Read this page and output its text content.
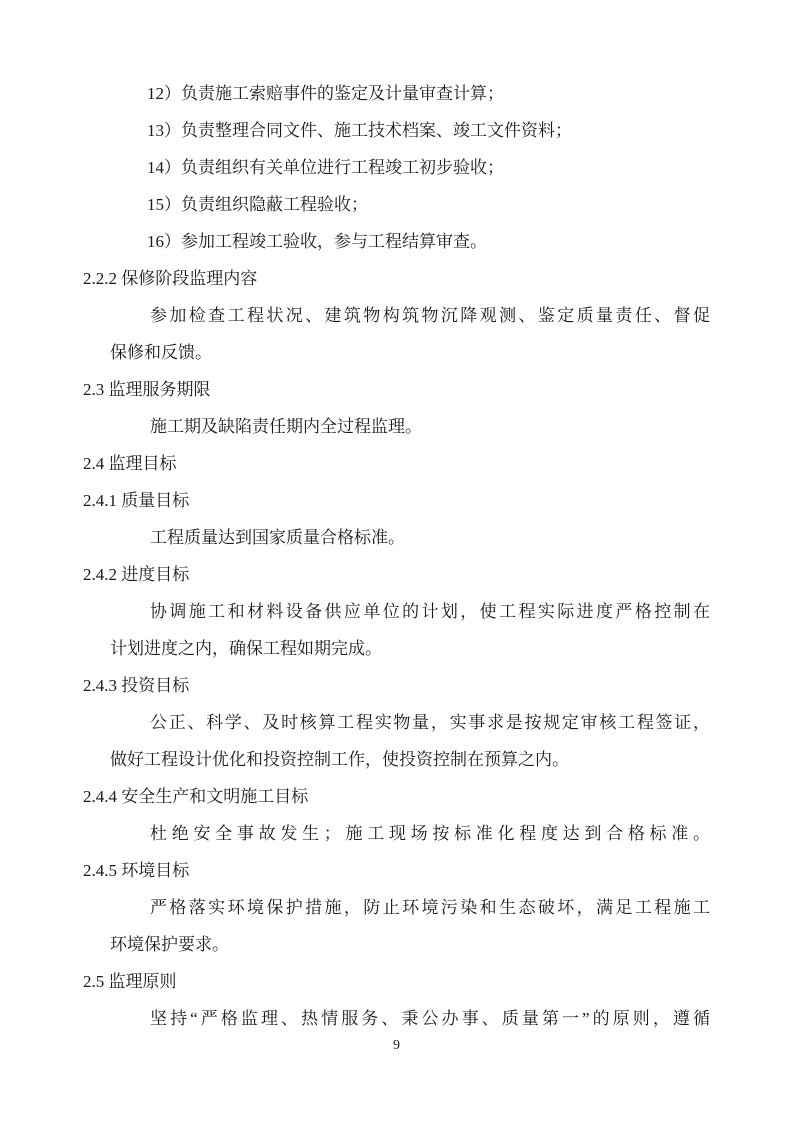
12）负责施工索赔事件的鉴定及计量审查计算；
13）负责整理合同文件、施工技术档案、竣工文件资料；
14）负责组织有关单位进行工程竣工初步验收；
15）负责组织隐蔽工程验收；
16）参加工程竣工验收，参与工程结算审查。
2.2.2 保修阶段监理内容
参加检查工程状况、建筑物构筑物沉降观测、鉴定质量责任、督促
保修和反馈。
2.3 监理服务期限
施工期及缺陷责任期内全过程监理。
2.4 监理目标
2.4.1 质量目标
工程质量达到国家质量合格标准。
2.4.2 进度目标
协调施工和材料设备供应单位的计划，使工程实际进度严格控制在
计划进度之内，确保工程如期完成。
2.4.3 投资目标
公正、科学、及时核算工程实物量，实事求是按规定审核工程签证，
做好工程设计优化和投资控制工作，使投资控制在预算之内。
2.4.4 安全生产和文明施工目标
杜绝安全事故发生；施工现场按标准化程度达到合格标准。
2.4.5 环境目标
严格落实环境保护措施，防止环境污染和生态破坏，满足工程施工
环境保护要求。
2.5 监理原则
坚持“严格监理、热情服务、秉公办事、质量第一”的原则，遵循
9
